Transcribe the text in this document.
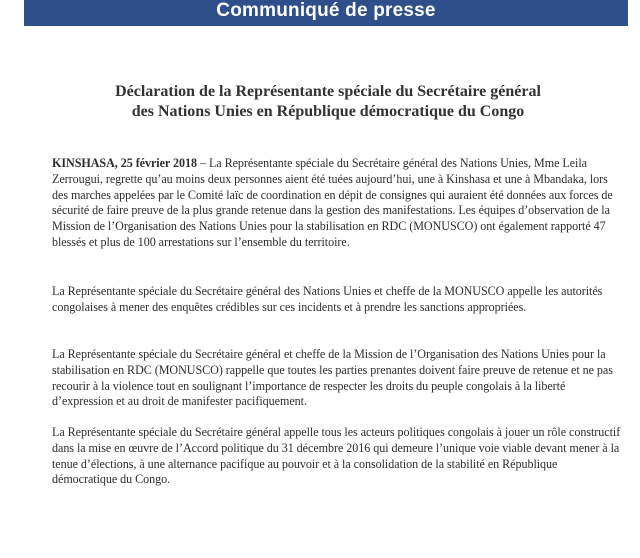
Communiqué de presse
Déclaration de la Représentante spéciale du Secrétaire général
des Nations Unies en République démocratique du Congo

KINSHASA, 25 février 2018 – La Représentante spéciale du Secrétaire général des Nations Unies, Mme Leila Zerrougui, regrette qu’au moins deux personnes aient été tuées aujourd’hui, une à Kinshasa et une à Mbandaka, lors des marches appelées par le Comité laïc de coordination en dépit de consignes qui auraient été données aux forces de sécurité de faire preuve de la plus grande retenue dans la gestion des manifestations. Les équipes d’observation de la Mission de l’Organisation des Nations Unies pour la stabilisation en RDC (MONUSCO) ont également rapporté 47 blessés et plus de 100 arrestations sur l’ensemble du territoire.

La Représentante spéciale du Secrétaire général des Nations Unies et cheffe de la MONUSCO appelle les autorités congolaises à mener des enquêtes crédibles sur ces incidents et à prendre les sanctions appropriées.

La Représentante spéciale du Secrétaire général et cheffe de la Mission de l’Organisation des Nations Unies pour la stabilisation en RDC (MONUSCO) rappelle que toutes les parties prenantes doivent faire preuve de retenue et ne pas recourir à la violence tout en soulignant l’importance de respecter les droits du peuple congolais à la liberté d’expression et au droit de manifester pacifiquement.

La Représentante spéciale du Secrétaire général appelle tous les acteurs politiques congolais à jouer un rôle constructif dans la mise en œuvre de l’Accord politique du 31 décembre 2016 qui demeure l’unique voie viable devant mener à la tenue d’élections, à une alternance pacifique au pouvoir et à la consolidation de la stabilité en République démocratique du Congo.
